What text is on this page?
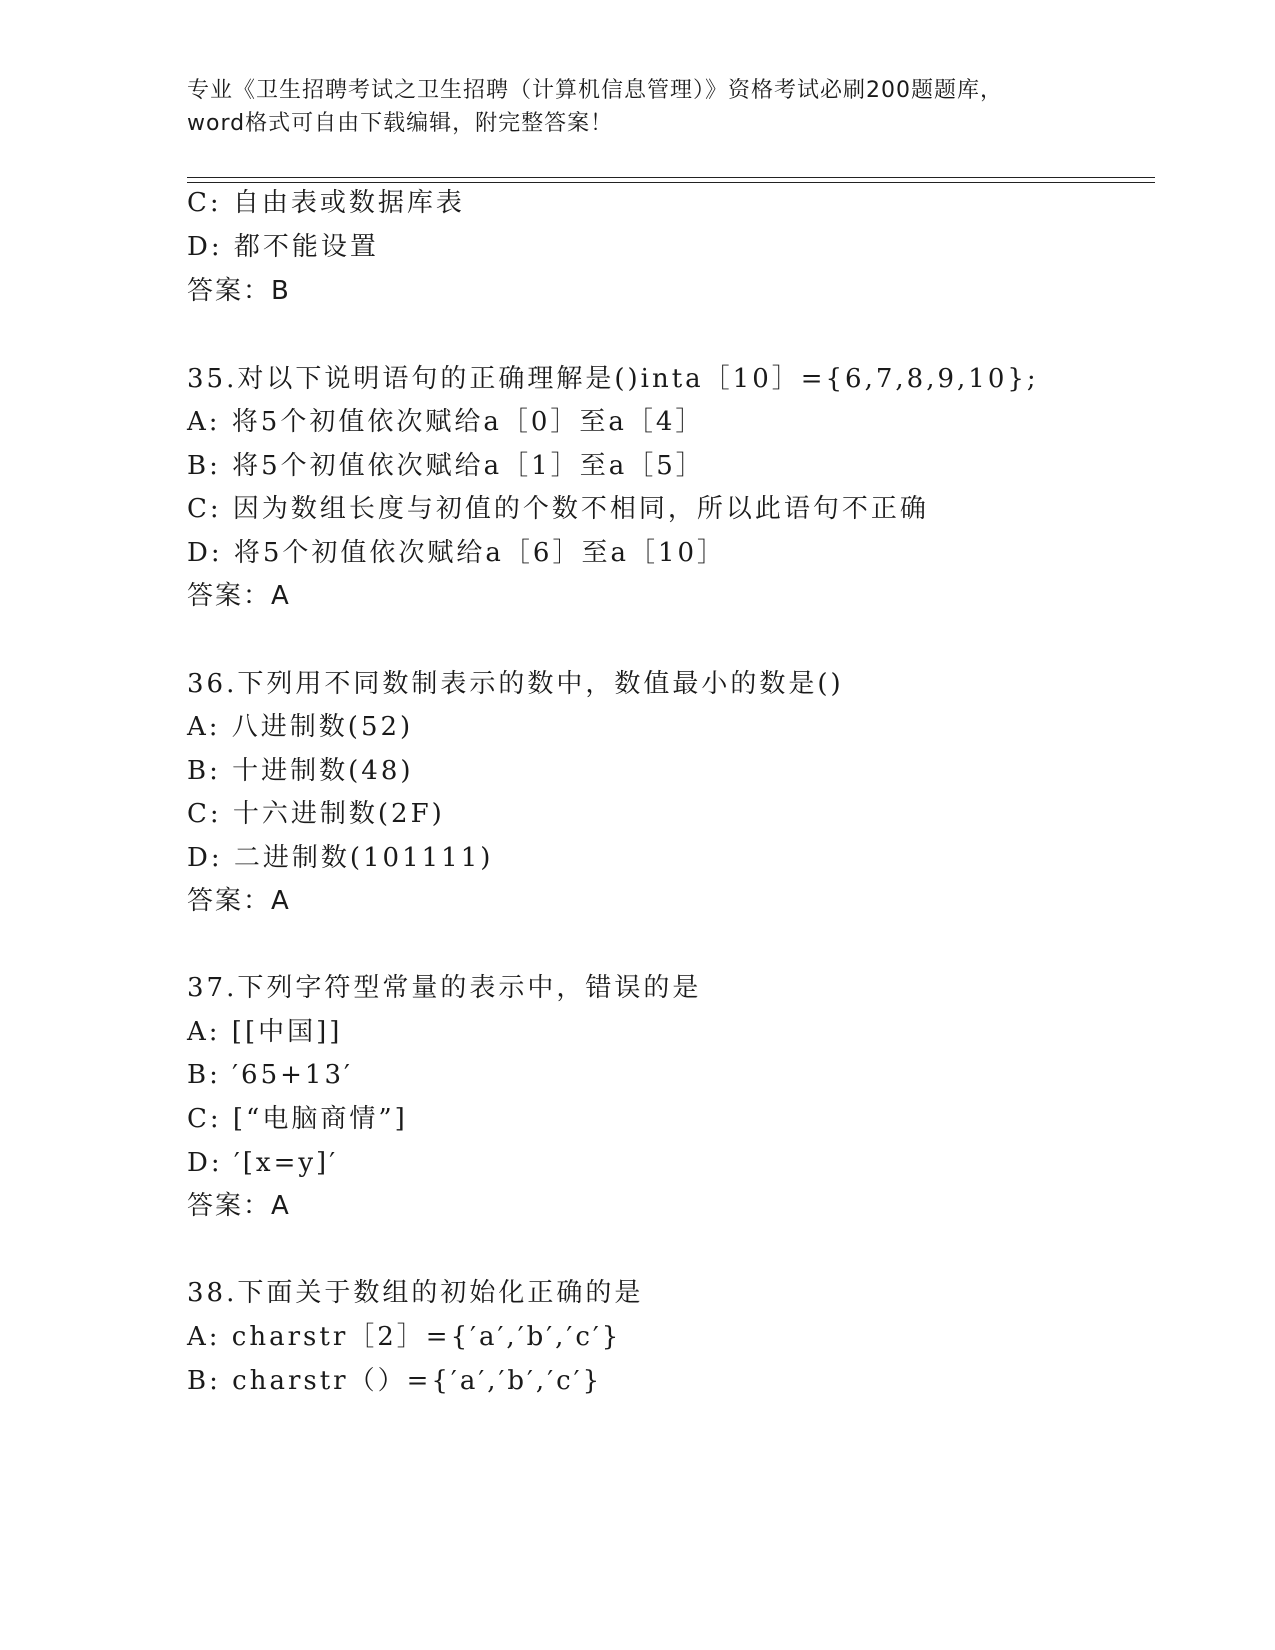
专业《卫生招聘考试之卫生招聘（计算机信息管理）》资格考试必刷200题题库，
word格式可自由下载编辑，附完整答案！
C: 自由表或数据库表
D: 都不能设置
答案：B
35.对以下说明语句的正确理解是()inta［10］={6,7,8,9,10};
A: 将5个初值依次赋给a［0］至a［4］
B: 将5个初值依次赋给a［1］至a［5］
C: 因为数组长度与初值的个数不相同，所以此语句不正确
D: 将5个初值依次赋给a［6］至a［10］
答案：A
36.下列用不同数制表示的数中，数值最小的数是()
A: 八进制数(52)
B: 十进制数(48)
C: 十六进制数(2F)
D: 二进制数(101111)
答案：A
37.下列字符型常量的表示中，错误的是
A: [[中国]]
B: ′65+13′
C: [“电脑商情”]
D: ′[x=y]′
答案：A
38.下面关于数组的初始化正确的是
A: charstr［2］={′a′,′b′,′c′}
B: charstr（）={′a′,′b′,′c′}
